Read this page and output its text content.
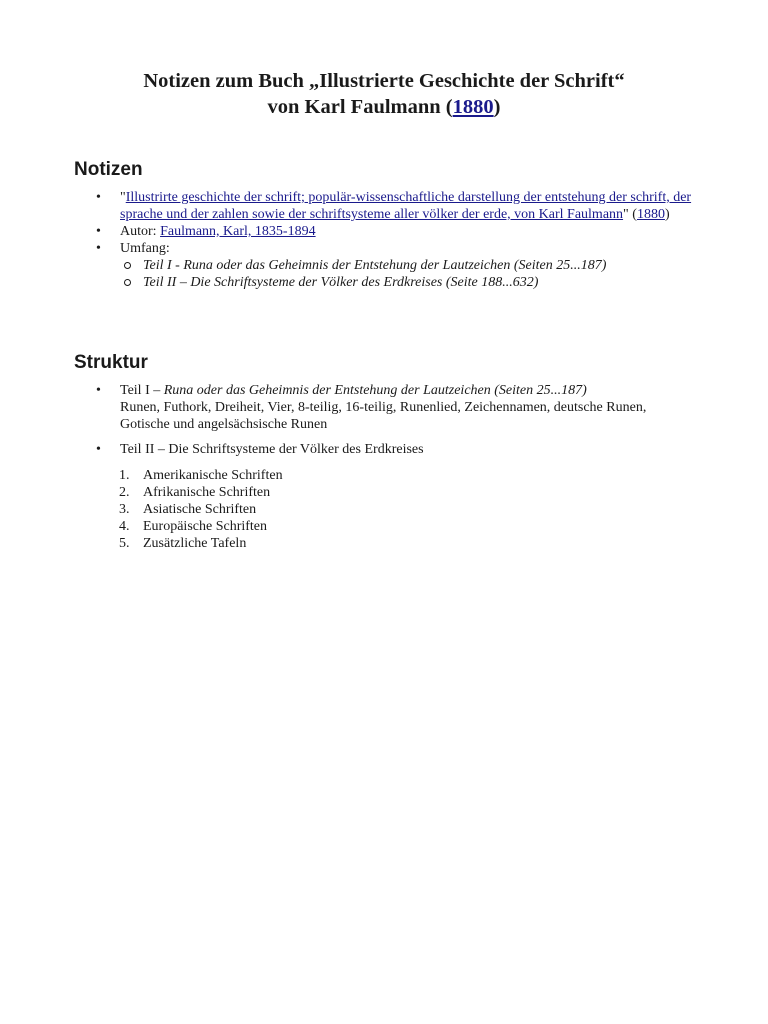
Notizen zum Buch „Illustrierte Geschichte der Schrift“
von Karl Faulmann (1880)
Notizen
• "Illustrirte geschichte der schrift; populär-wissenschaftliche darstellung der entstehung der schrift, der sprache und der zahlen sowie der schriftsysteme aller völker der erde, von Karl Faulmann" (1880)
• Autor: Faulmann, Karl, 1835-1894
• Umfang:
Teil I - Runa oder das Geheimnis der Entstehung der Lautzeichen (Seiten 25...187)
Teil II – Die Schriftsysteme der Völker des Erdkreises (Seite 188...632)
Struktur
• Teil I – Runa oder das Geheimnis der Entstehung der Lautzeichen (Seiten 25...187)
Runen, Futhork, Dreiheit, Vier, 8-teilig, 16-teilig, Runenlied, Zeichennamen, deutsche Runen, Gotische und angelsächsische Runen
• Teil II – Die Schriftsysteme der Völker des Erdkreises
1. Amerikanische Schriften
2. Afrikanische Schriften
3. Asiatische Schriften
4. Europäische Schriften
5. Zusätzliche Tafeln
